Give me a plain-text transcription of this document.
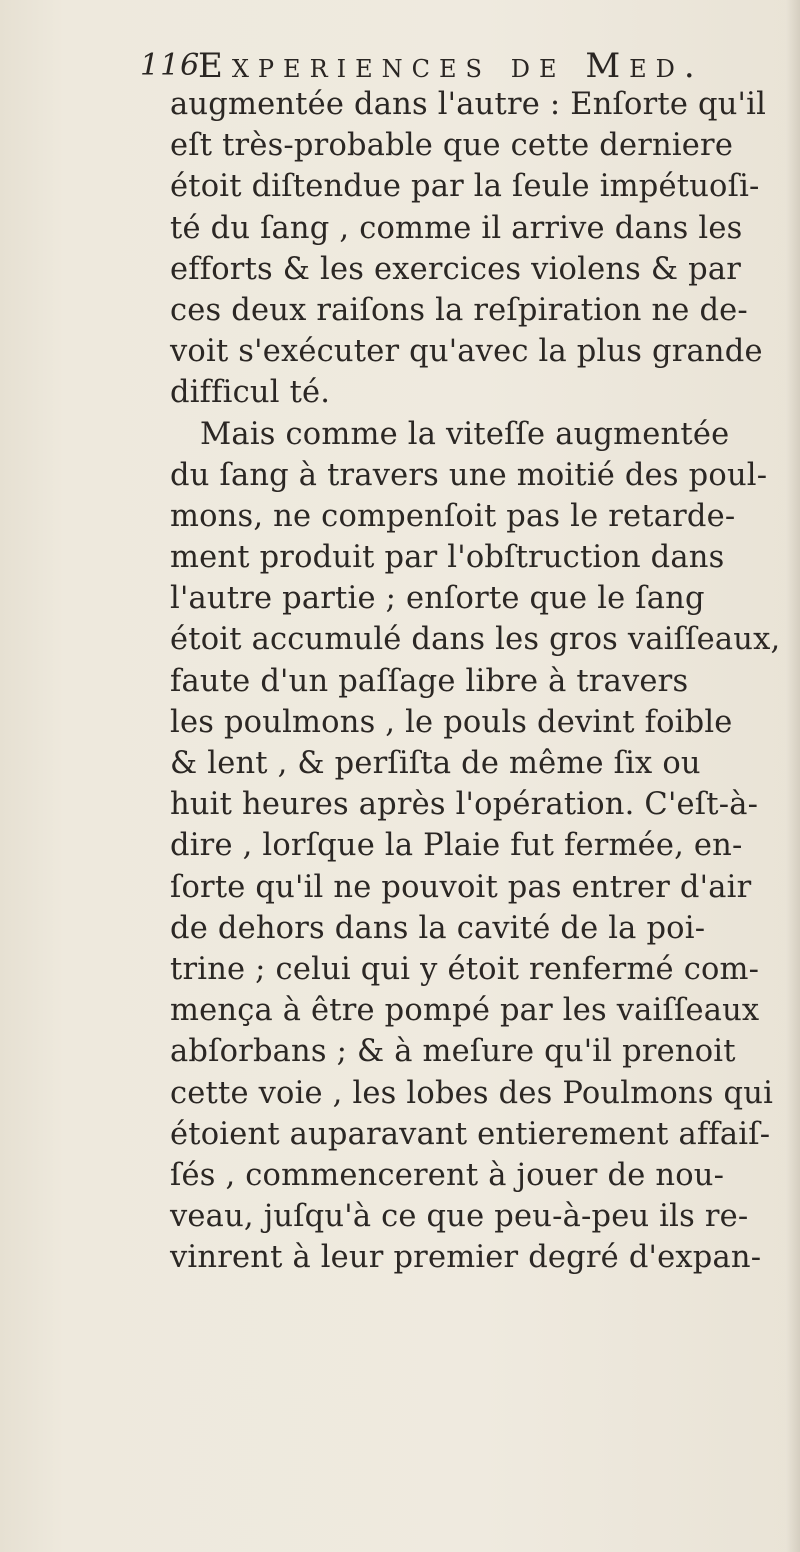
116
Experiences de Med.
augmentée dans l'autre : Enſorte qu'il
eſt très-probable que cette derniere
étoit diſtendue par la ſeule impétuoſi-
té du ſang , comme il arrive dans les
efforts & les exercices violens & par
ces deux raiſons la reſpiration ne de-
voit s'exécuter qu'avec la plus grande
difficul té.
Mais comme la viteſſe augmentée
du ſang à travers une moitié des poul-
mons, ne compenſoit pas le retarde-
ment produit par l'obſtruction dans
l'autre partie ; enſorte que le ſang
étoit accumulé dans les gros vaiſſeaux,
faute d'un paſſage libre à travers
les poulmons , le pouls devint foible
& lent , & perſiſta de même ſix ou
huit heures après l'opération. C'eſt-à-
dire , lorſque la Plaie fut fermée, en-
ſorte qu'il ne pouvoit pas entrer d'air
de dehors dans la cavité de la poi-
trine ; celui qui y étoit renfermé com-
mença à être pompé par les vaiſſeaux
abſorbans ; & à meſure qu'il prenoit
cette voie , les lobes des Poulmons qui
étoient auparavant entierement affaiſ-
ſés , commencerent à jouer de nou-
veau, juſqu'à ce que peu-à-peu ils re-
vinrent à leur premier degré d'expan-
